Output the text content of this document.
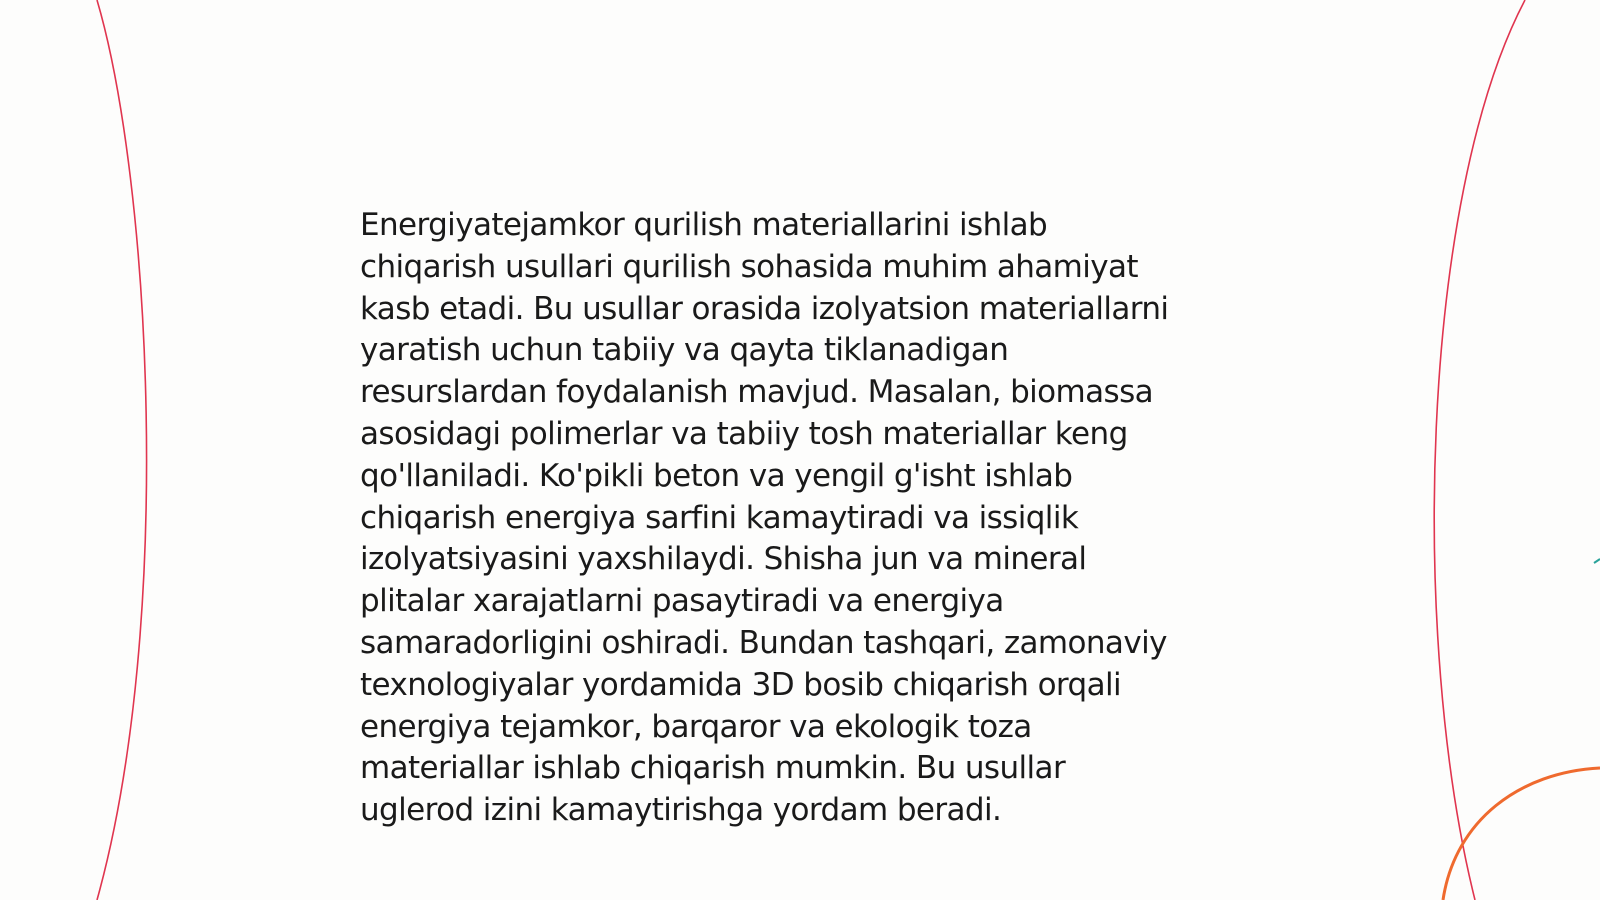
Energiyatejamkor qurilish materiallarini ishlab
chiqarish usullari qurilish sohasida muhim ahamiyat
kasb etadi. Bu usullar orasida izolyatsion materiallarni
yaratish uchun tabiiy va qayta tiklanadigan
resurslardan foydalanish mavjud. Masalan, biomassa
asosidagi polimerlar va tabiiy tosh materiallar keng
qo'llaniladi. Ko'pikli beton va yengil g'isht ishlab
chiqarish energiya sarfini kamaytiradi va issiqlik
izolyatsiyasini yaxshilaydi. Shisha jun va mineral
plitalar xarajatlarni pasaytiradi va energiya
samaradorligini oshiradi. Bundan tashqari, zamonaviy
texnologiyalar yordamida 3D bosib chiqarish orqali
energiya tejamkor, barqaror va ekologik toza
materiallar ishlab chiqarish mumkin. Bu usullar
uglerod izini kamaytirishga yordam beradi.
